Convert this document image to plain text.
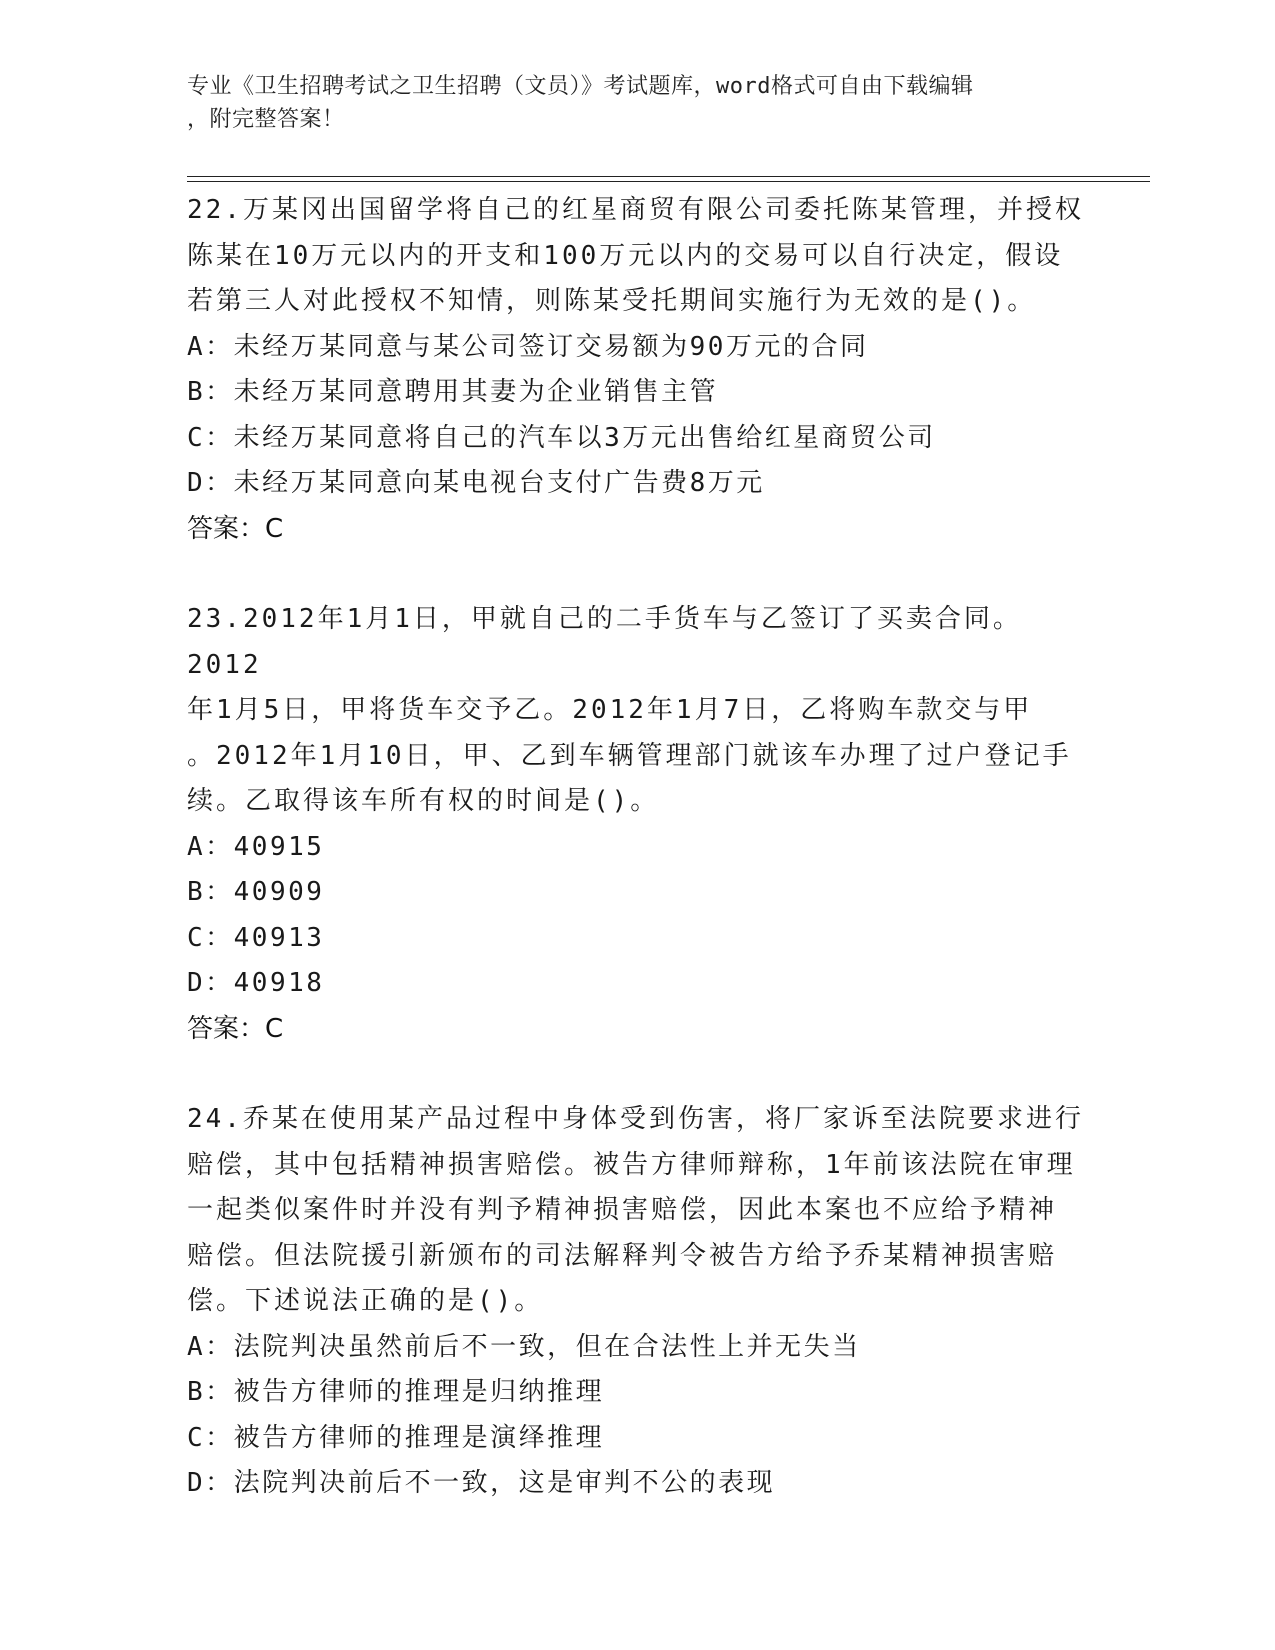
专业《卫生招聘考试之卫生招聘（文员）》考试题库，word格式可自由下载编辑
，附完整答案！

22.万某冈出国留学将自己的红星商贸有限公司委托陈某管理，并授权

陈某在10万元以内的开支和100万元以内的交易可以自行决定，假设

若第三人对此授权不知情，则陈某受托期间实施行为无效的是()。

A：未经万某同意与某公司签订交易额为90万元的合同

B：未经万某同意聘用其妻为企业销售主管

C：未经万某同意将自己的汽车以3万元出售给红星商贸公司

D：未经万某同意向某电视台支付广告费8万元

答案：C

23.2012年1月1日，甲就自己的二手货车与乙签订了买卖合同。2012

年1月5日，甲将货车交予乙。2012年1月7日，乙将购车款交与甲

。2012年1月10日，甲、乙到车辆管理部门就该车办理了过户登记手

续。乙取得该车所有权的时间是()。

A：40915

B：40909

C：40913

D：40918

答案：C

24.乔某在使用某产品过程中身体受到伤害，将厂家诉至法院要求进行

赔偿，其中包括精神损害赔偿。被告方律师辩称，1年前该法院在审理

一起类似案件时并没有判予精神损害赔偿，因此本案也不应给予精神

赔偿。但法院援引新颁布的司法解释判令被告方给予乔某精神损害赔

偿。下述说法正确的是()。

A：法院判决虽然前后不一致，但在合法性上并无失当

B：被告方律师的推理是归纳推理

C：被告方律师的推理是演绎推理

D：法院判决前后不一致，这是审判不公的表现
